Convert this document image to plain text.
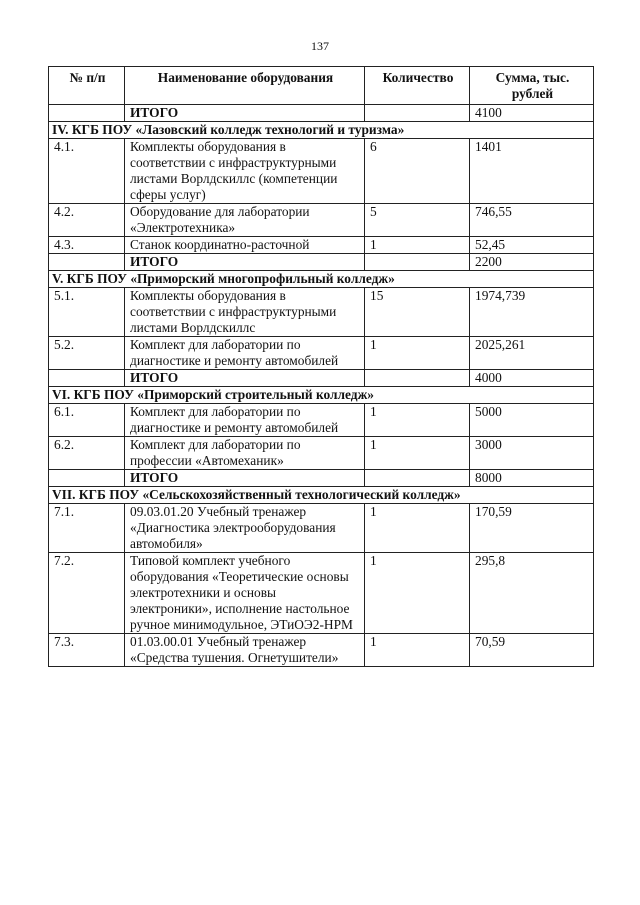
137
№ п/п	Наименование оборудования	Количество	Сумма, тыс. рублей
	ИТОГО		4100
IV. КГБ ПОУ «Лазовский колледж технологий и туризма»			
4.1.	Комплекты оборудования в соответствии с инфраструктурными листами Ворлдскиллс (компетенции сферы услуг)	6	1401
4.2.	Оборудование для лаборатории «Электротехника»	5	746,55
4.3.	Станок координатно-расточной	1	52,45
	ИТОГО		2200
V. КГБ ПОУ «Приморский многопрофильный колледж»			
5.1.	Комплекты оборудования в соответствии с инфраструктурными листами Ворлдскиллс	15	1974,739
5.2.	Комплект для лаборатории по диагностике и ремонту автомобилей	1	2025,261
	ИТОГО		4000
VI. КГБ ПОУ «Приморский строительный колледж»			
6.1.	Комплект для лаборатории по диагностике и ремонту автомобилей	1	5000
6.2.	Комплект для лаборатории по профессии «Автомеханик»	1	3000
	ИТОГО		8000
VII. КГБ ПОУ «Сельскохозяйственный технологический колледж»			
7.1.	09.03.01.20 Учебный тренажер «Диагностика электрооборудования автомобиля»	1	170,59
7.2.	Типовой комплект учебного оборудования «Теоретические основы электротехники и основы электроники», исполнение настольное ручное минимодульное, ЭТиОЭ2-НРМ	1	295,8
7.3.	01.03.00.01 Учебный тренажер «Средства тушения. Огнетушители»	1	70,59
